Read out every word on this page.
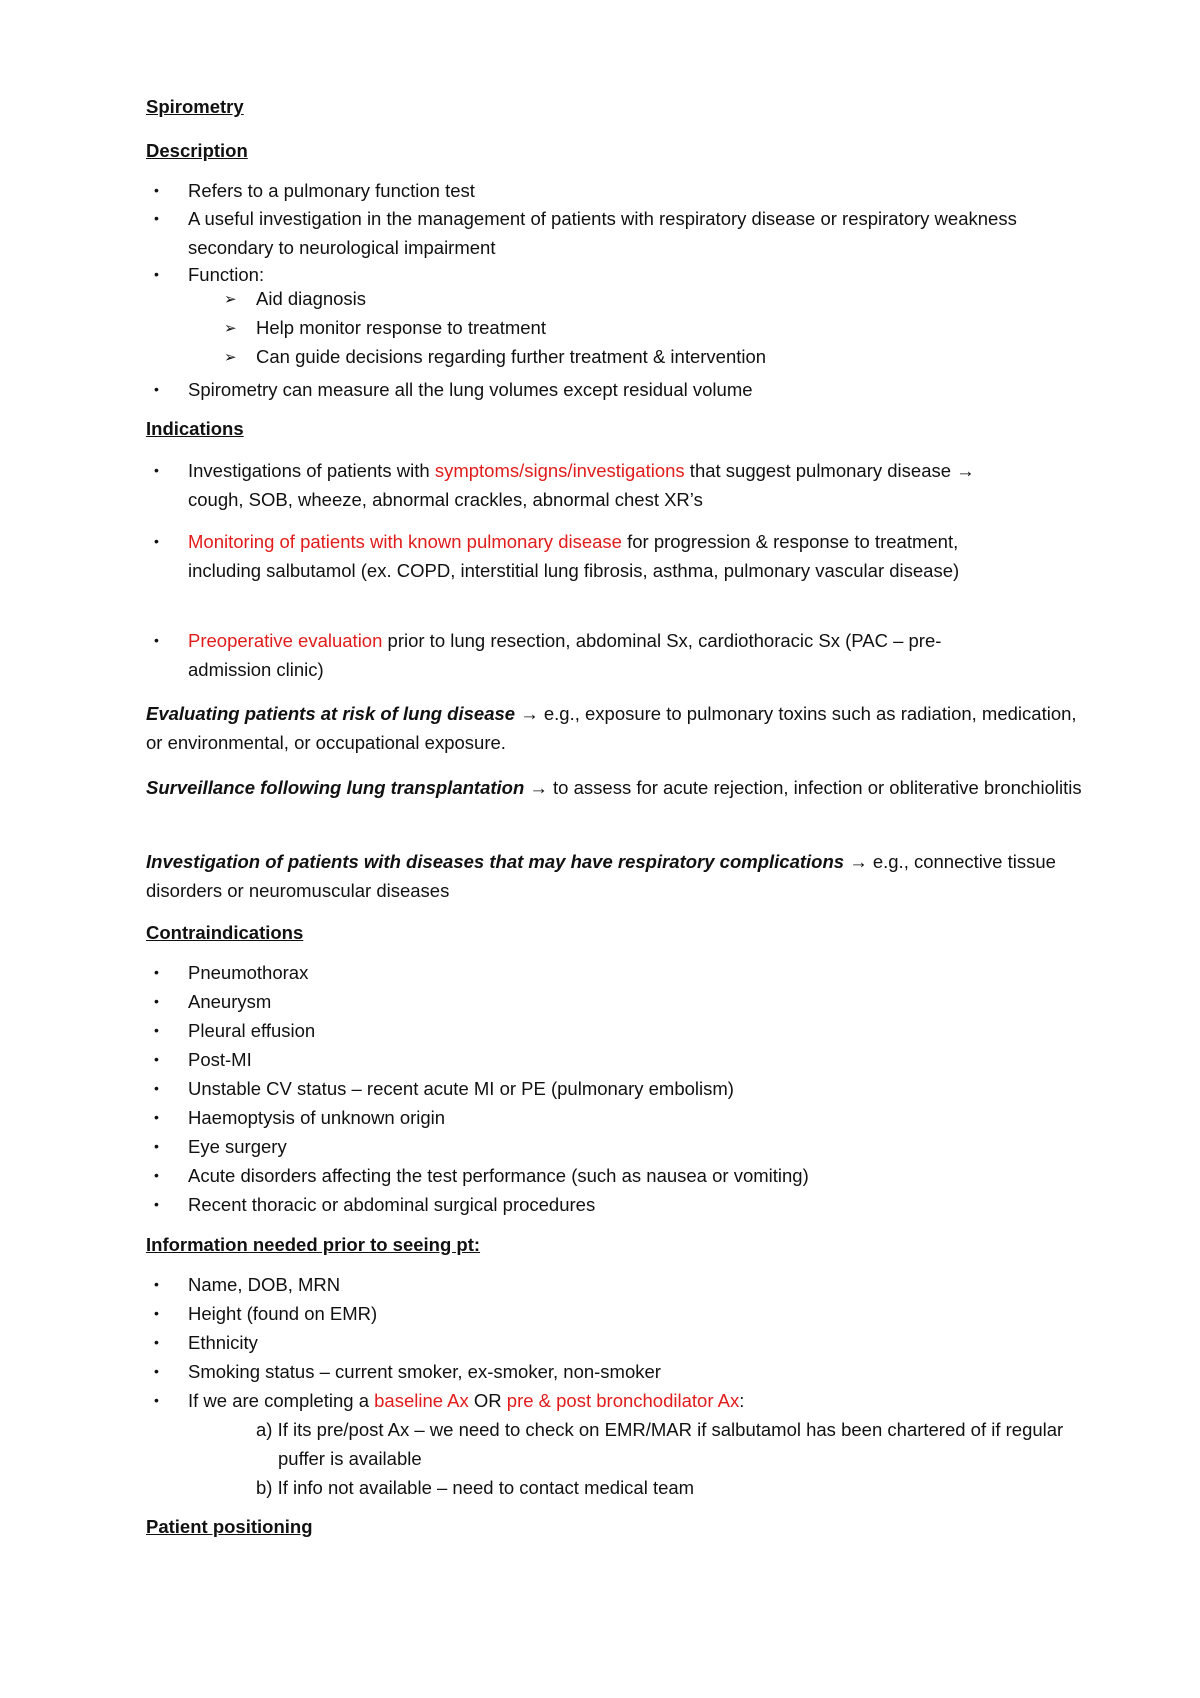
Spirometry

Description

• Refers to a pulmonary function test

• A useful investigation in the management of patients with respiratory disease or respiratory weakness secondary to neurological impairment

• Function:

➢ Aid diagnosis

➢ Help monitor response to treatment

➢ Can guide decisions regarding further treatment & intervention

• Spirometry can measure all the lung volumes except residual volume

Indications

• Investigations of patients with symptoms/signs/investigations that suggest pulmonary disease → cough, SOB, wheeze, abnormal crackles, abnormal chest XR’s

• Monitoring of patients with known pulmonary disease for progression & response to treatment, including salbutamol (ex. COPD, interstitial lung fibrosis, asthma, pulmonary vascular disease)

• Preoperative evaluation prior to lung resection, abdominal Sx, cardiothoracic Sx (PAC – pre-admission clinic)

Evaluating patients at risk of lung disease → e.g., exposure to pulmonary toxins such as radiation, medication, or environmental, or occupational exposure.

Surveillance following lung transplantation → to assess for acute rejection, infection or obliterative bronchiolitis

Investigation of patients with diseases that may have respiratory complications → e.g., connective tissue disorders or neuromuscular diseases

Contraindications

• Pneumothorax

• Aneurysm

• Pleural effusion

• Post-MI

• Unstable CV status – recent acute MI or PE (pulmonary embolism)

• Haemoptysis of unknown origin

• Eye surgery

• Acute disorders affecting the test performance (such as nausea or vomiting)

• Recent thoracic or abdominal surgical procedures

Information needed prior to seeing pt:

• Name, DOB, MRN

• Height (found on EMR)

• Ethnicity

• Smoking status – current smoker, ex-smoker, non-smoker

• If we are completing a baseline Ax OR pre & post bronchodilator Ax:

a) If its pre/post Ax – we need to check on EMR/MAR if salbutamol has been chartered of if regular puffer is available

b) If info not available – need to contact medical team

Patient positioning
